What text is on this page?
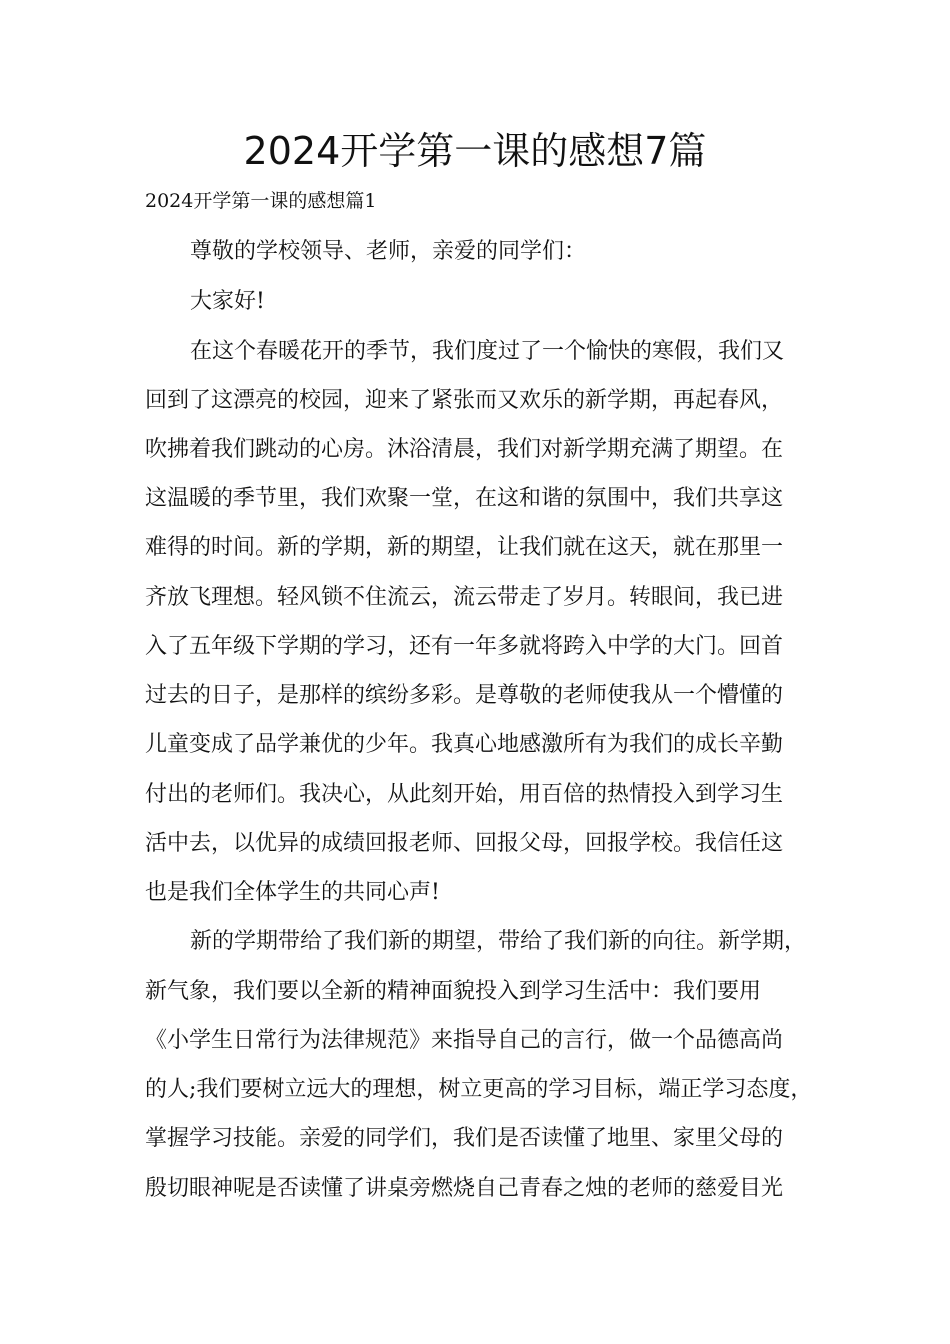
2024开学第一课的感想7篇
2024开学第一课的感想篇1
尊敬的学校领导、老师，亲爱的同学们：
大家好!
在这个春暖花开的季节，我们度过了一个愉快的寒假，我们又
回到了这漂亮的校园，迎来了紧张而又欢乐的新学期，再起春风，
吹拂着我们跳动的心房。沐浴清晨，我们对新学期充满了期望。在
这温暖的季节里，我们欢聚一堂，在这和谐的氛围中，我们共享这
难得的时间。新的学期，新的期望，让我们就在这天，就在那里一
齐放飞理想。轻风锁不住流云，流云带走了岁月。转眼间，我已进
入了五年级下学期的学习，还有一年多就将跨入中学的大门。回首
过去的日子，是那样的缤纷多彩。是尊敬的老师使我从一个懵懂的
儿童变成了品学兼优的少年。我真心地感激所有为我们的成长辛勤
付出的老师们。我决心，从此刻开始，用百倍的热情投入到学习生
活中去，以优异的成绩回报老师、回报父母，回报学校。我信任这
也是我们全体学生的共同心声!
新的学期带给了我们新的期望，带给了我们新的向往。新学期，
新气象，我们要以全新的精神面貌投入到学习生活中：我们要用
《小学生日常行为法律规范》来指导自己的言行，做一个品德高尚
的人;我们要树立远大的理想，树立更高的学习目标，端正学习态度，
掌握学习技能。亲爱的同学们，我们是否读懂了地里、家里父母的
殷切眼神呢是否读懂了讲桌旁燃烧自己青春之烛的老师的慈爱目光
